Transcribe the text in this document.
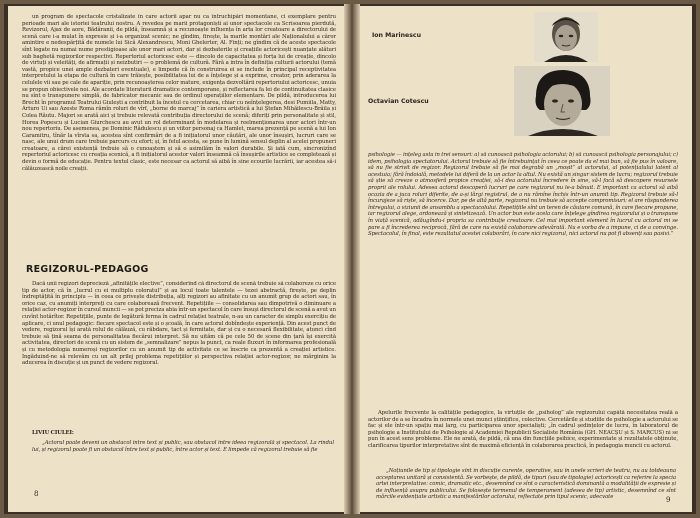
un program de spectacole cristalizate în care actorii apar nu ca întruchipări momentane, ci exemplare pentru perioade mari ale istoriei teatrului nostru. A revedea pe marii protagoniști ai unor spectacole ca Scrisoarea pierdută, Revizorul, Ajax de aore, Bădăranii, de pildă, înseamnă și a recunoaște influența în arta lor creatoare a directorului de scenă care i-a mulat în expresie și i-a organizat scenic; ne gîndim, firește, la marile montări ale Naționalului a căror amintire e nedespărțită de numele lui Sică Alexandrescu, Moni Ghelerter, Al. Finți; ne gîndim că de aceste spectacole sînt legate nu numai nume prestigioase ale unor mari actori, dar și dezbaterile și creațiile actoricești nuanțate alături sub baghetă regizorilor respectivi. Repertoriul actoricesc este — dincolo de capacitatea și forța lui de creație, dincolo de virtuți și veleități, de afirmații și neizbutiri — o problemă de cultură. Fără a intra în definiția culturii actorului (temă vastă, propice unei ample dezbateri eventuale), e limpede că în construirea ei se include în principal receptivitatea interpretului la etapa de cultură în care trăiește, posibilitatea lui de a înțelege și a exprime, creator, prin aderarea la celulele vii sau pe cale de apariție, prin recunoașterea celor mature, exigența dezvoltării repertoriului actoricesc, unuia se propun obiectivele noi. Ale acordate literaturii dramatice contemporane, și reflectarea fa lei de continuitatea clasice nu sînt o transpunere simplă, de fabricator mecanic sau de ordinul operațiilor elementare. De pildă, introducerea lui Brecht în programul Teatrului Giulești a contribuit la încetul cu cercetarea, chiar cu neînțelegerea, desi Pumiila, Matty, Arturo Ui sau Azeste Roma rămîn roluri de vîrf, „borne de marcaj” în cariera artistică a lui Ștefan Mihăilescu-Brăila și Colea Răutu. Majori se arată aici și trebuie relevată contribuția directorului de scenă; diferiți prin personalitate și stil, Horea Popescu și Lucian Giurchescu au avut un rol determinant în modelarea și reelmenționarea unor actori într-un nou repertoriu. De asemenea, pe Dominic Rădulescu și un viitor personaj ca Hamlet, marea prezență pe scenă a lui Ion Caramitru, tînăr la vîrsta sa, acestea sînt confirmări de a fi inițiatorul unor căutări, ale unor însușiri, lucruri care se nasc, ale unui drum care trebuie parcurs cu efort; și, în felul acesta, se pune în lumină sensul deplin al acelei propuneri creatoare, a cărei existență trebuie să o cunoaștem și să o asimilăm în valori durabile. Și iată cum, sincronizînd repertoriul actoricesc cu creația scenică, a fi inițiatorul acestor valori înseamnă că însușirile artistice se completează și devin o formă de educație. Pentru textul clasic, este necesar ca actorul să aibă în sine ecourile lucrării, iar acestea să-i călăuzească noile creații.

REGIZORUL-PEDAGOG

Dacă unii regizori deprecieză „afinitățile elective”, considerînd că directorul de scenă trebuie să colaboreze cu orice tip de actor, că în „lucrul cu ei multiplu coloratul” și au locul toate talentele — tezei abstractă, firește, pe deplin îndreptățită în principiu — în ceea ce privește distribuția, alți regizori au afinitate cu un anumit grup de actori sau, în orice caz, cu anumiți interpreți cu care colaborează frecvent. Repetițiile — consolidarea sau dimpotrivă o diminuare a relației actor-regizor în cursul muncii — se pot preciza abia într-un spectacol în care însuși directorul de scenă a avut un cuvînt hotărîtor. Repetițiile, punte de legătură ferma în cadrul relației teatrale, n-au un caracter de simplu exercițiu de aplicare, ci unul pedagogic: fiecare spectacol este și o școală, în care actorul dobîndește experiență. Din acest punct de vedere, regizorul își arată rolul de călăuză, cu răbdare, tact și fermitate, dar și cu o necesară flexibilitate, atunci cînd trebuie să țină seama de personalitatea fiecărui interpret. Să nu uităm că pe cele 50 de scene din țară își exercită activitatea, directori de scenă cu un sistem de „semnalizare” nepus la punct, ca reale fluxuri în informarea profesională și cu metodologia numeroși regizorilor cu un anumit tip de activitate ce se înscrie ca prezentă a creației artistice. Ingăduind-ne să relevăm cu un alt prilej problema repetițiilor și perspectiva relației actor-regizor, ne mărginim la aducerea în discuție și un punct de vedere regizoral.

LIVIU CIULEI:

„Actorul poate deveni un obstacol între text și public, sau obstacol între ideea regizorală și spectacol. La rîndul lui, și regizorul poate fi un obstacol între text și public, între actor și text. E limpede că regizorul trebuie să fie

8
Ion Marinescu
Octavian Cotescu

psihologie — înțeleg asta în trei sensuri: a) să cunoască psihologia actorului; b) să cunoască psihologia personajului; c) idem, psihologia spectatorului. Actorul trebuie să fie întrebuințat în ceea ce poate da el mai bun, să fie pus în valoare, să nu fie strivit de regizor. Regizorul trebuie să fie mai degrabă un „moșit” al actorului, al potențialului latent al acestuia; fără îndoială, metodele lui diferă de la un actor la altul. Nu există un singur sistem de lucru; regizorul trebuie să știe să creeze o atmosferă propice creației, să-i dea actorului încredere în sine, să-l facă să descopere resursele proprii ale rolului. Adesea actorul descoperă lucruri pe care regizorul nu le-a bănuit. E important ca actorul să aibă ocazia de a juca roluri diferite, de a-și lărgi registrul, de a nu rămîne închis într-un anumit tip. Regizorul trebuie să-l încurajeze să riște, să încerce. Dar, pe de altă parte, regizorul nu trebuie să accepte compromisuri: el are răspunderea întregului, a viziunii de ansamblu a spectacolului. Repetițiile sînt un teren de căutare comună, în care fiecare propune, iar regizorul alege, ordonează și sintetizează. Un actor bun este acela care înțelege gîndirea regizorului și o transpune în viață scenică, adăugîndu-i propria sa contribuție creatoare. Cel mai important element în lucrul cu actorul mi se pare a fi încrederea reciprocă, fără de care nu există colaborare adevărată. Nu e vorba de a impune, ci de a convinge. Spectacolul, în final, este rezultatul acestei colaborări, în care nici regizorul, nici actorul nu pot fi absenți sau pasivi.”

Apelurile frecvente la calitățile pedagogice, la virtuțile de „psiholog” ale regizorului capătă necesitatea reală a actorilor de a se încadra în normele unei munci științifice, colective. Cercetările și studiile de psihologie a actorului se fac și ele într-un spațiu mai larg, cu participarea unor specialiști; „în cadrul ședințelor de lucru, în laboratorul de psihologie a Institutului de Psihologie al Academiei Republicii Socialiste România (GH. NEACȘU și S. MARCUS) ni se pun în acest sens probleme. Ele ne arată, de pildă, că una din funcțiile psihice, experimentate și rezultatele obținute, clarificarea tipurilor interpretative sînt de maximă eficiență în colaborarea practică, în pedagogia muncii cu actorul.

„Noțiunile de tip și tipologie sînt în discuție curente, operative, sau în unele scrieri de teatru, nu au totdeauna acceptarea unitară și consistentă. Se vorbește, de pildă, de tipuri (sau de tipologie) actoricești ca referire la specia artei interpretative: comic, dramatic etc., desemnînd ce sînt o caracteristică dominantă a modalității de expresie și de influență asupra publicului. Se folosește termenul de temperament (adesea de tip) artistic, desemnînd ce sînt mărcile evidențiate artistic a manifestărilor actorului, reflectate prin tipul scenic, adecvate	9
